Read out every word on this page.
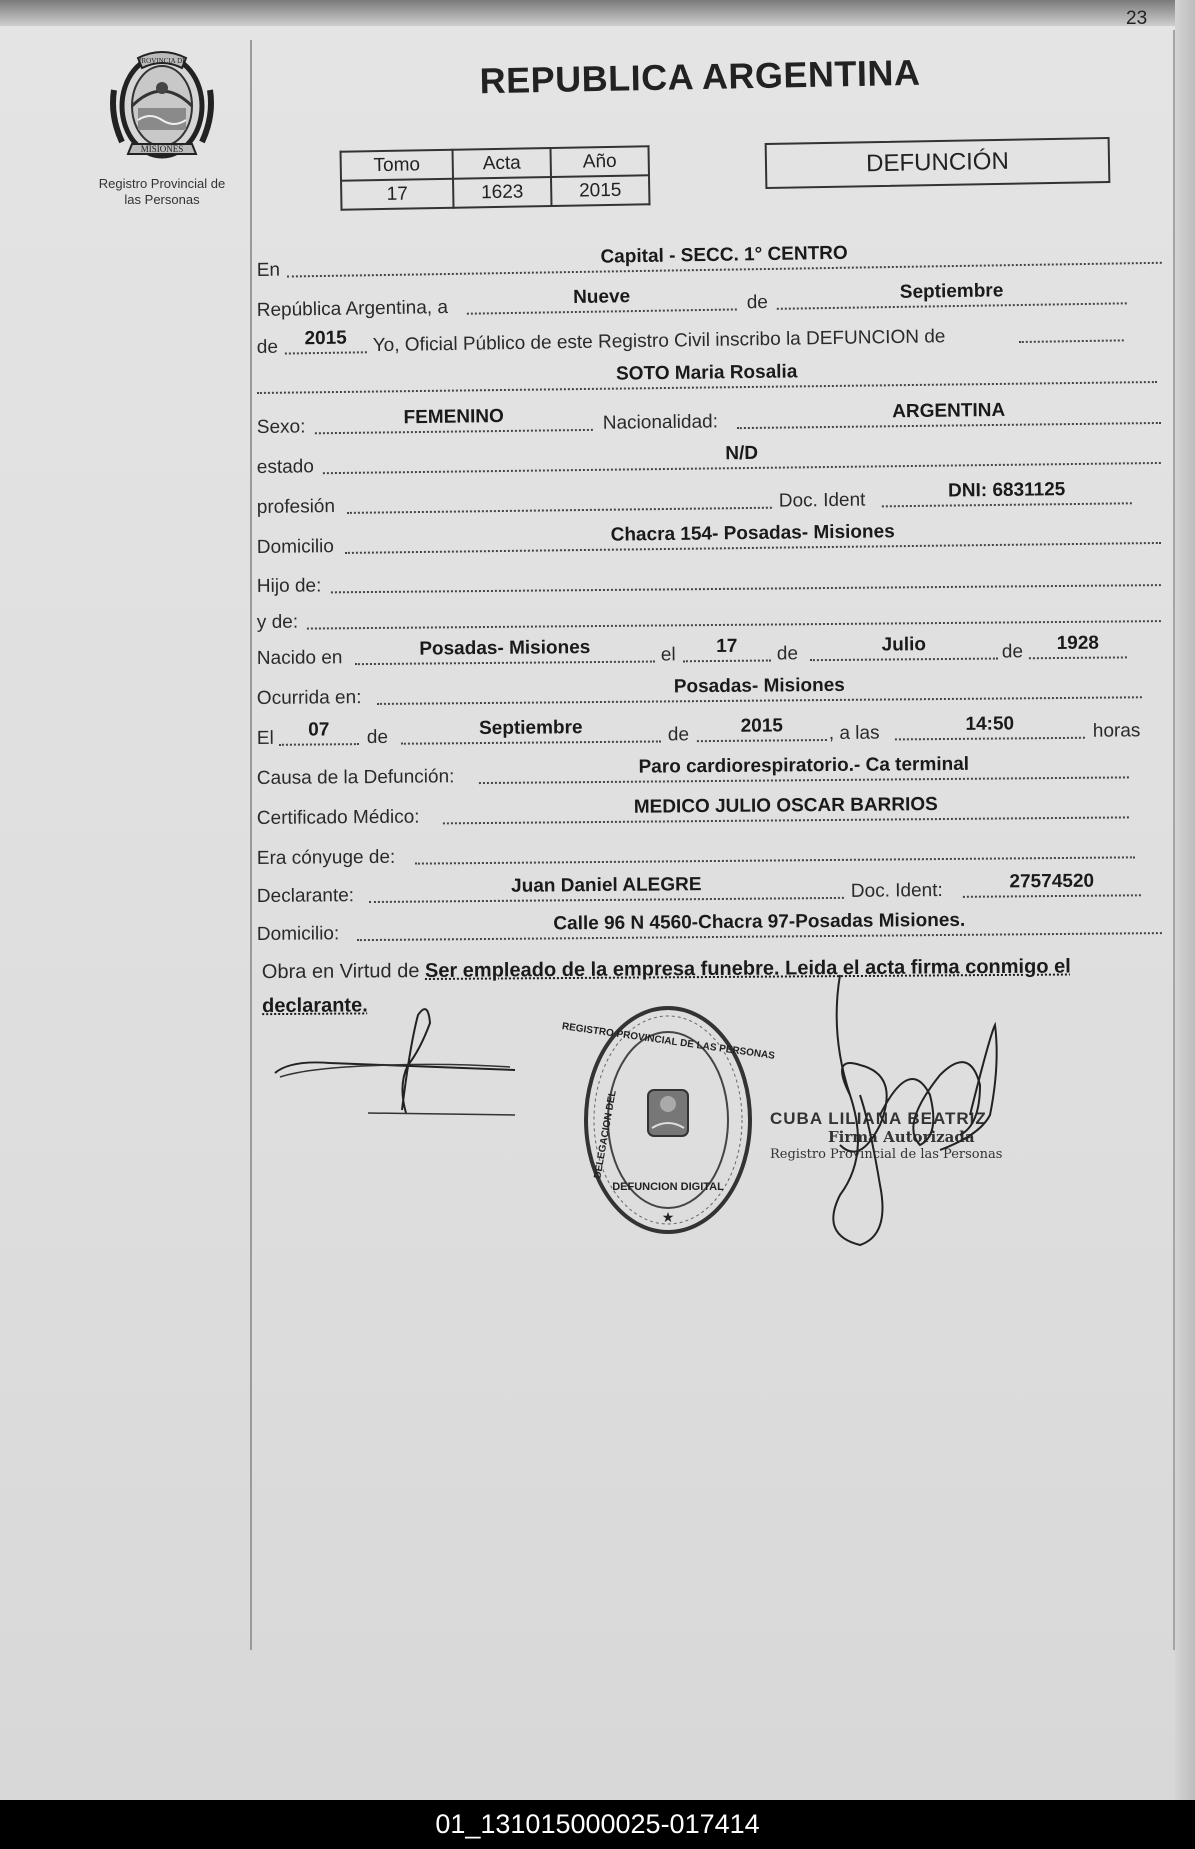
23
PROVINCIA DE
MISIONES
Registro Provincial de
las Personas
REPUBLICA ARGENTINA
Tomo	Acta	Año
17	1623	2015
DEFUNCIÓN
En
Capital - SECC. 1° CENTRO
República Argentina, a	Nueve	de	Septiembre
de	2015	Yo, Oficial Público de este Registro Civil inscribo la DEFUNCION de
SOTO Maria Rosalia
Sexo:	FEMENINO	Nacionalidad:
ARGENTINA
estado
N/D
profesión	Doc. Ident	DNI: 6831125
Domicilio
Chacra 154- Posadas- Misiones
Hijo de:
y de:
Nacido en	Posadas- Misiones	el	17	de	Julio	de	1928
Ocurrida en:
Posadas- Misiones
El	07	de	Septiembre	de	2015	, a las	14:50	horas
Causa de la Defunción:	Paro cardiorespiratorio.- Ca terminal
Certificado Médico:
MEDICO JULIO OSCAR BARRIOS
Era cónyuge de:
Declarante:	Juan Daniel ALEGRE	Doc. Ident:	27574520
Domicilio:	Calle 96 N 4560-Chacra 97-Posadas Misiones.
Obra en Virtud de Ser empleado de la empresa funebre. Leida el acta firma conmigo el declarante.
REGISTRO PROVINCIAL DE LAS PERSONAS
DELEGACION DEL
DEFUNCION DIGITAL
★
CUBA LILIANA BEATRIZ
Firma Autorizada
Registro Provincial de las Personas
01_131015000025-017414
